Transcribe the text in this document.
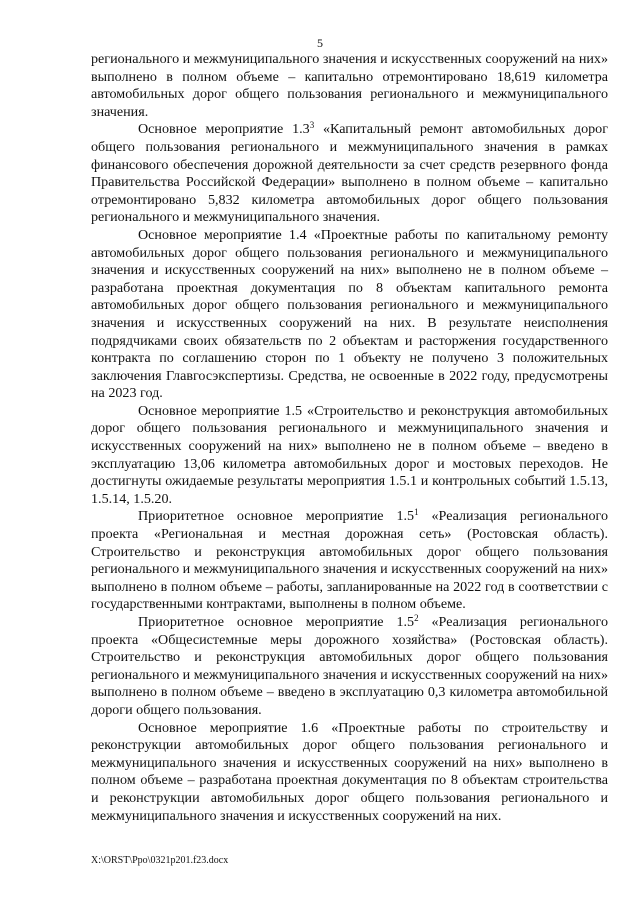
5

регионального и межмуниципального значения и искусственных сооружений на них» выполнено в полном объеме – капитально отремонтировано 18,619 километра автомобильных дорог общего пользования регионального и межмуниципального значения.

Основное мероприятие $1.3^3$ «Капитальный ремонт автомобильных дорог общего пользования регионального и межмуниципального значения в рамках финансового обеспечения дорожной деятельности за счет средств резервного фонда Правительства Российской Федерации» выполнено в полном объеме – капитально отремонтировано 5,832 километра автомобильных дорог общего пользования регионального и межмуниципального значения.

Основное мероприятие 1.4 «Проектные работы по капитальному ремонту автомобильных дорог общего пользования регионального и межмуниципального значения и искусственных сооружений на них» выполнено не в полном объеме – разработана проектная документация по 8 объектам капитального ремонта автомобильных дорог общего пользования регионального и межмуниципального значения и искусственных сооружений на них. В результате неисполнения подрядчиками своих обязательств по 2 объектам и расторжения государственного контракта по соглашению сторон по 1 объекту не получено 3 положительных заключения Главгосэкспертизы. Средства, не освоенные в 2022 году, предусмотрены на 2023 год.

Основное мероприятие 1.5 «Строительство и реконструкция автомобильных дорог общего пользования регионального и межмуниципального значения и искусственных сооружений на них» выполнено не в полном объеме – введено в эксплуатацию 13,06 километра автомобильных дорог и мостовых переходов. Не достигнуты ожидаемые результаты мероприятия 1.5.1 и контрольных событий 1.5.13, 1.5.14, 1.5.20.

Приоритетное основное мероприятие $1.5^1$ «Реализация регионального проекта «Региональная и местная дорожная сеть» (Ростовская область). Строительство и реконструкция автомобильных дорог общего пользования регионального и межмуниципального значения и искусственных сооружений на них» выполнено в полном объеме – работы, запланированные на 2022 год в соответствии с государственными контрактами, выполнены в полном объеме.

Приоритетное основное мероприятие $1.5^2$ «Реализация регионального проекта «Общесистемные меры дорожного хозяйства» (Ростовская область). Строительство и реконструкция автомобильных дорог общего пользования регионального и межмуниципального значения и искусственных сооружений на них» выполнено в полном объеме – введено в эксплуатацию 0,3 километра автомобильной дороги общего пользования.

Основное мероприятие 1.6 «Проектные работы по строительству и реконструкции автомобильных дорог общего пользования регионального и межмуниципального значения и искусственных сооружений на них» выполнено в полном объеме – разработана проектная документация по 8 объектам строительства и реконструкции автомобильных дорог общего пользования регионального и межмуниципального значения и искусственных сооружений на них.

X:\ORST\Ppo\0321p201.f23.docx
